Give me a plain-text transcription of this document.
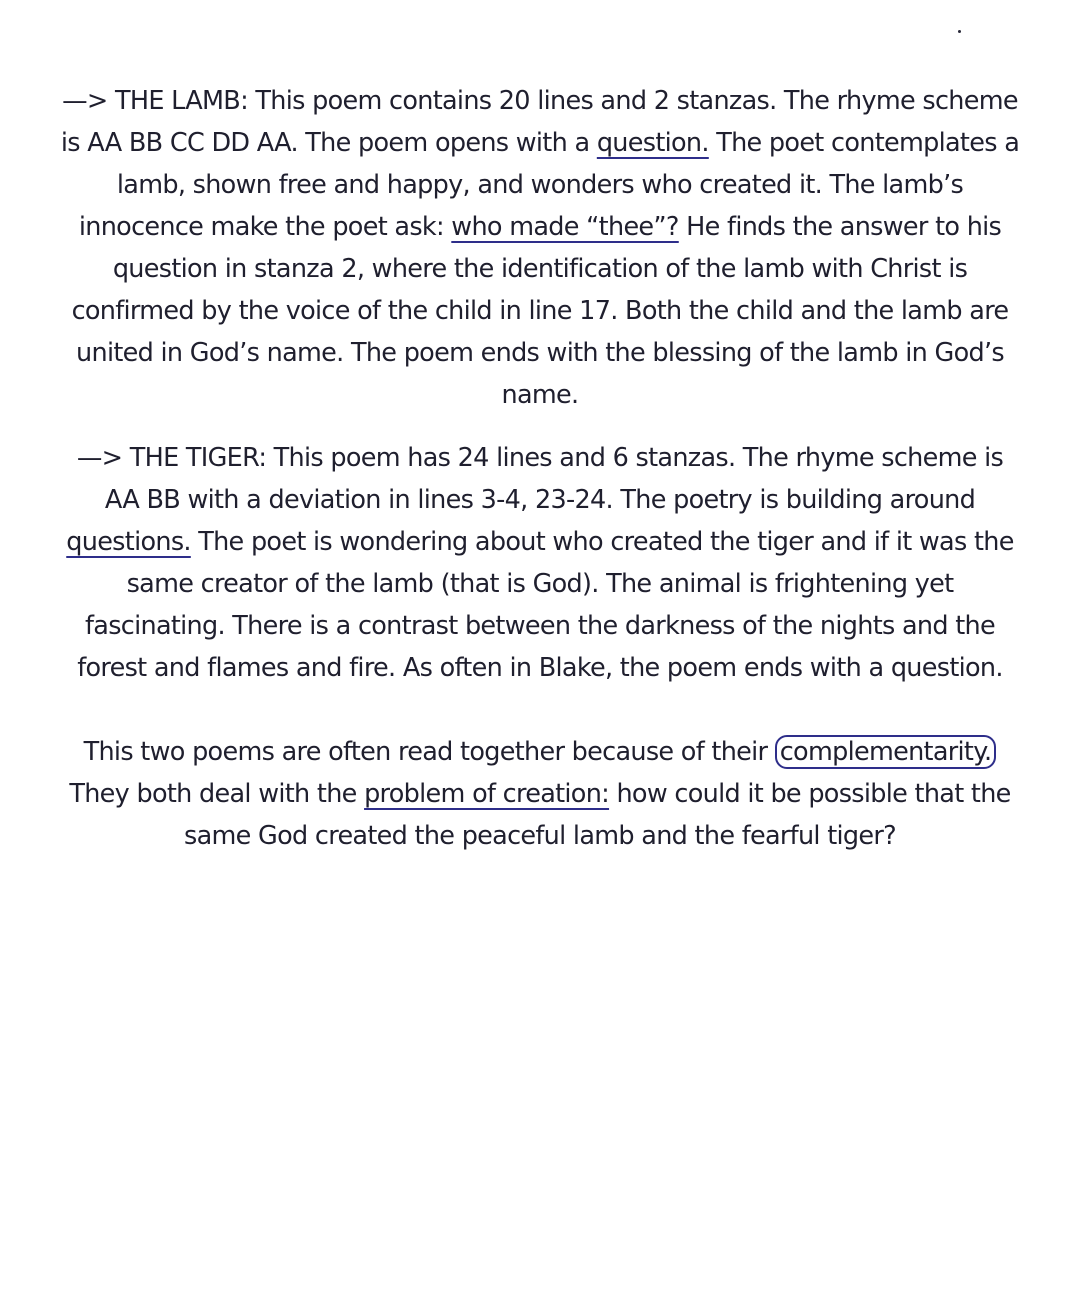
—> THE LAMB: This poem contains 20 lines and 2 stanzas. The rhyme scheme is AA BB CC DD AA. The poem opens with a question. The poet contemplates a lamb, shown free and happy, and wonders who created it. The lamb’s innocence make the poet ask: who made “thee”? He finds the answer to his question in stanza 2, where the identification of the lamb with Christ is confirmed by the voice of the child in line 17. Both the child and the lamb are united in God’s name. The poem ends with the blessing of the lamb in God’s name.

—> THE TIGER: This poem has 24 lines and 6 stanzas. The rhyme scheme is AA BB with a deviation in lines 3-4, 23-24. The poetry is building around questions. The poet is wondering about who created the tiger and if it was the same creator of the lamb (that is God). The animal is frightening yet fascinating. There is a contrast between the darkness of the nights and the forest and flames and fire. As often in Blake, the poem ends with a question.

This two poems are often read together because of their complementarity. They both deal with the problem of creation: how could it be possible that the same God created the peaceful lamb and the fearful tiger?
